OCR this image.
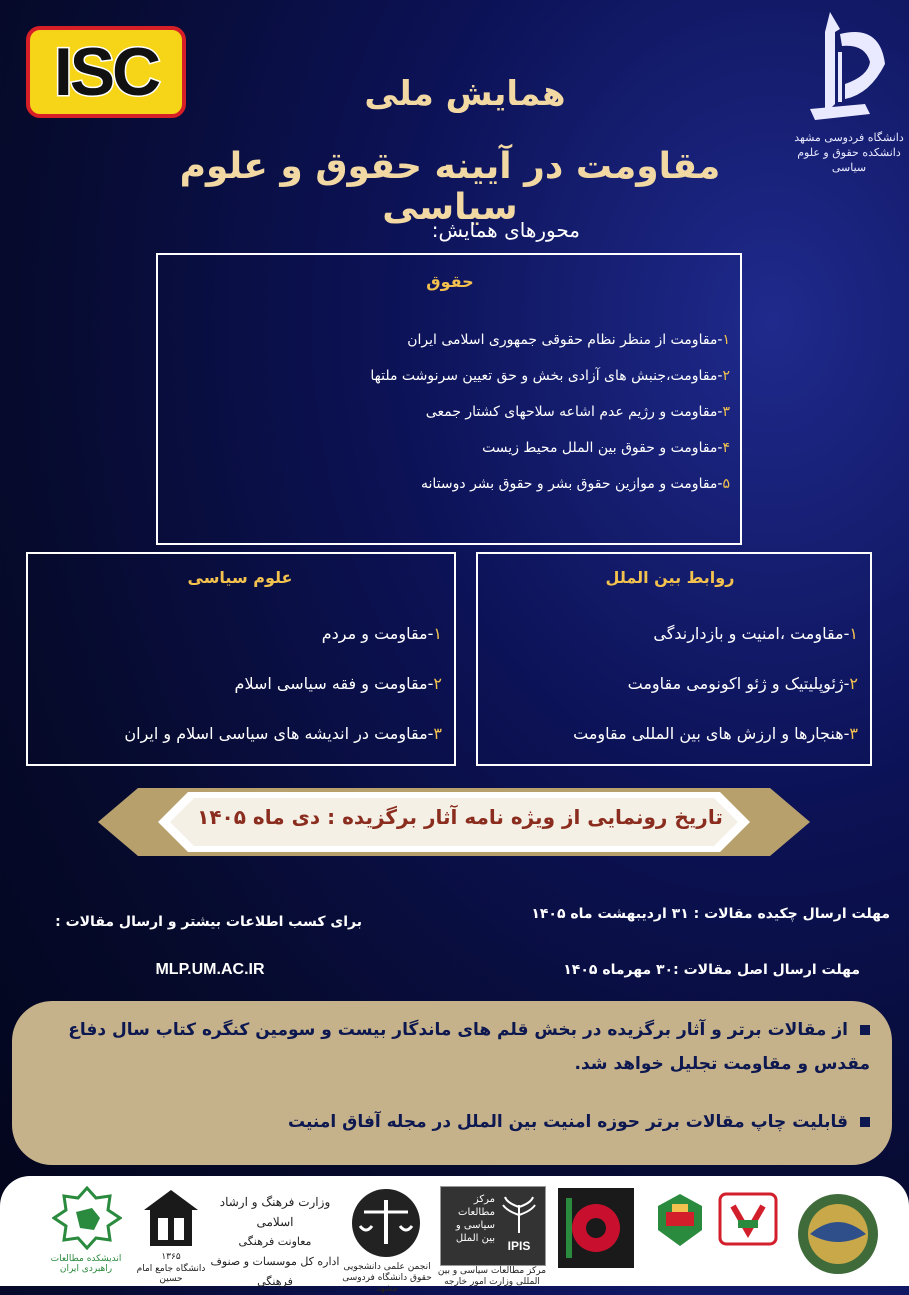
ISC
دانشگاه فردوسی مشهد
دانشکده حقوق و علوم سیاسی
همایش ملی
مقاومت در آیینه حقوق و علوم سیاسی
محورهای همایش:
حقوق
۱-مقاومت از منظر نظام حقوقی جمهوری اسلامی ایران
۲-مقاومت،جنبش های آزادی بخش و حق تعیین سرنوشت ملتها
۳-مقاومت و رژیم عدم اشاعه سلاحهای کشتار جمعی
۴-مقاومت و حقوق بین الملل محیط زیست
۵-مقاومت و موازین حقوق بشر و حقوق بشر دوستانه
علوم سیاسی
۱-مقاومت و مردم
۲-مقاومت و فقه سیاسی اسلام
۳-مقاومت در اندیشه های سیاسی اسلام و ایران
روابط بین الملل
۱-مقاومت ،امنیت و بازدارندگی
۲-ژئوپلیتیک و ژئو اکونومی مقاومت
۳-هنجارها و ارزش های بین المللی مقاومت
تاریخ رونمایی از ویژه نامه آثار برگزیده : دی ماه ۱۴۰۵
مهلت ارسال چکیده مقالات : ۳۱ اردیبهشت ماه ۱۴۰۵
مهلت ارسال اصل مقالات :۳۰ مهرماه ۱۴۰۵
برای کسب اطلاعات بیشتر و ارسال مقالات :
MLP.UM.AC.IR
از مقالات برتر و آثار برگزیده در بخش قلم های ماندگار بیست و سومین کنگره کتاب سال دفاع مقدس و مقاومت تجلیل خواهد شد.
قابلیت چاپ مقالات برتر حوزه امنیت بین الملل در مجله آفاق امنیت
مرکز مطالعات سیاسی و بین الملل
IPIS
مرکز مطالعات سیاسی و بین المللی وزارت امور خارجه
انجمن علمی دانشجویی حقوق دانشگاه فردوسی مشهد
وزارت فرهنگ و ارشاد اسلامی
معاونت فرهنگی
اداره کل موسسات و صنوف فرهنگی
۱۳۶۵
دانشگاه جامع امام حسین
اندیشکده مطالعات راهبردی ایران
